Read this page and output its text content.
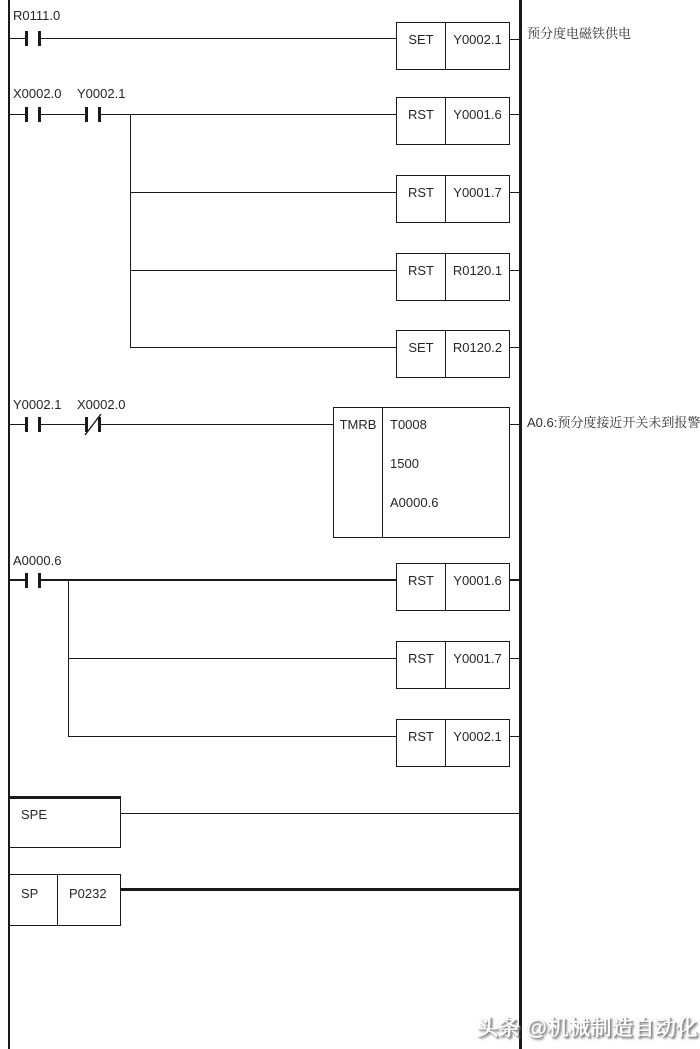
R0111.0
SET	Y0002.1	预分度电磁铁供电
X0002.0 Y0002.1
RST	Y0001.6
RST	Y0001.7
RST	R0120.1
SET	R0120.2
Y0002.1 X0002.0
TMRB	T0008
1500
A0000.6
A0.6:预分度接近开关未到报警
A0000.6
RST	Y0001.6
RST	Y0001.7
RST	Y0002.1
SPE
SP	P0232
头条 @机械制造自动化
